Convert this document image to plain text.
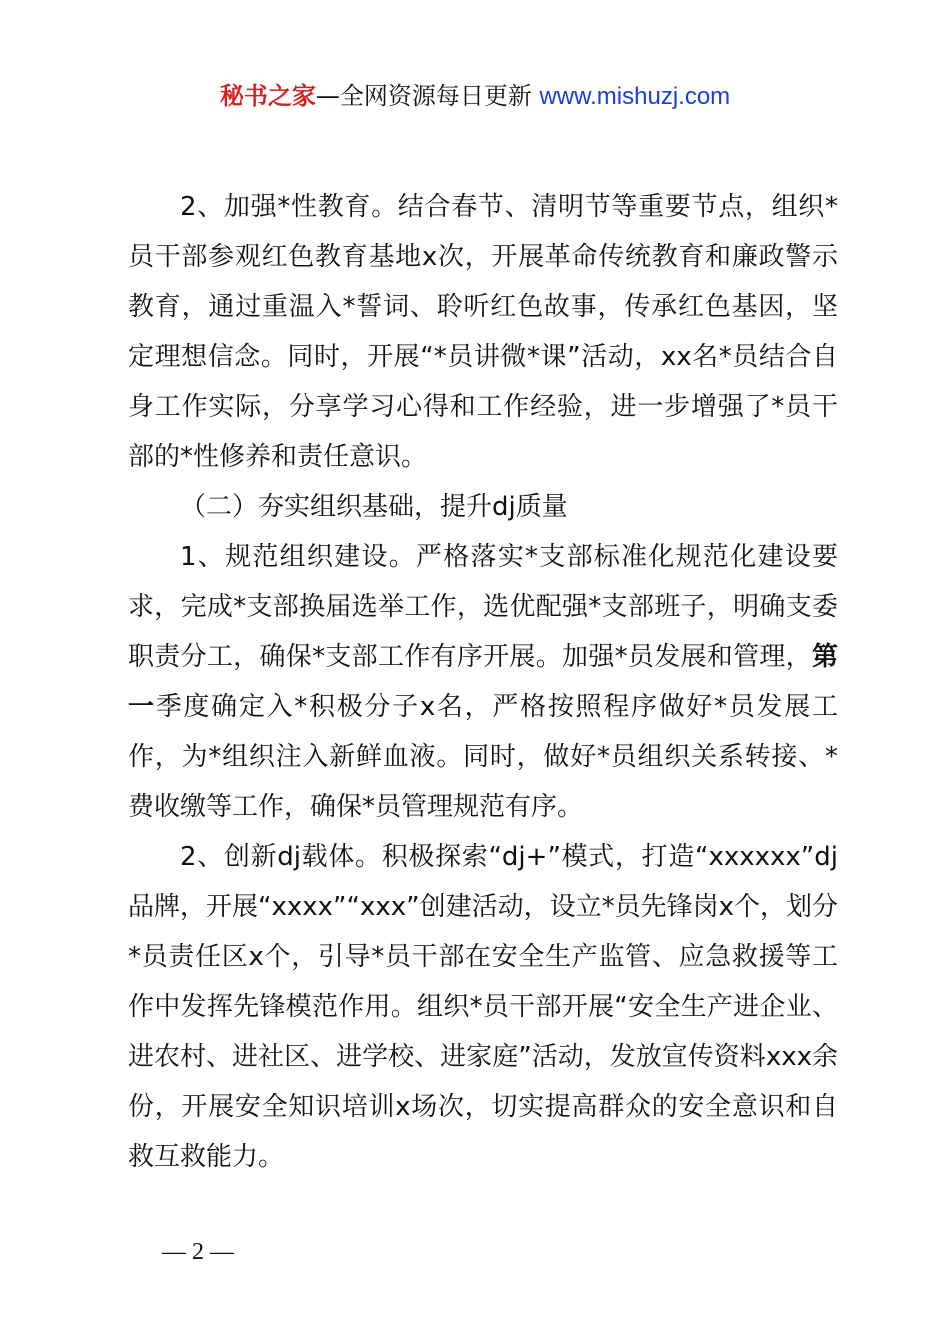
秘书之家—全网资源每日更新 www.mishuzj.com

2、加强*性教育。结合春节、清明节等重要节点，组织*员干部参观红色教育基地x次，开展革命传统教育和廉政警示教育，通过重温入*誓词、聆听红色故事，传承红色基因，坚定理想信念。同时，开展“*员讲微*课”活动，xx名*员结合自身工作实际，分享学习心得和工作经验，进一步增强了*员干部的*性修养和责任意识。

（二）夯实组织基础，提升dj质量

1、规范组织建设。严格落实*支部标准化规范化建设要求，完成*支部换届选举工作，选优配强*支部班子，明确支委职责分工，确保*支部工作有序开展。加强*员发展和管理，第一季度确定入*积极分子x名，严格按照程序做好*员发展工作，为*组织注入新鲜血液。同时，做好*员组织关系转接、*费收缴等工作，确保*员管理规范有序。

2、创新dj载体。积极探索“dj+”模式，打造“xxxxxx”dj品牌，开展“xxxx”“xxx”创建活动，设立*员先锋岗x个，划分*员责任区x个，引导*员干部在安全生产监管、应急救援等工作中发挥先锋模范作用。组织*员干部开展“安全生产进企业、进农村、进社区、进学校、进家庭”活动，发放宣传资料xxx余份，开展安全知识培训x场次，切实提高群众的安全意识和自救互救能力。

— 2 —
